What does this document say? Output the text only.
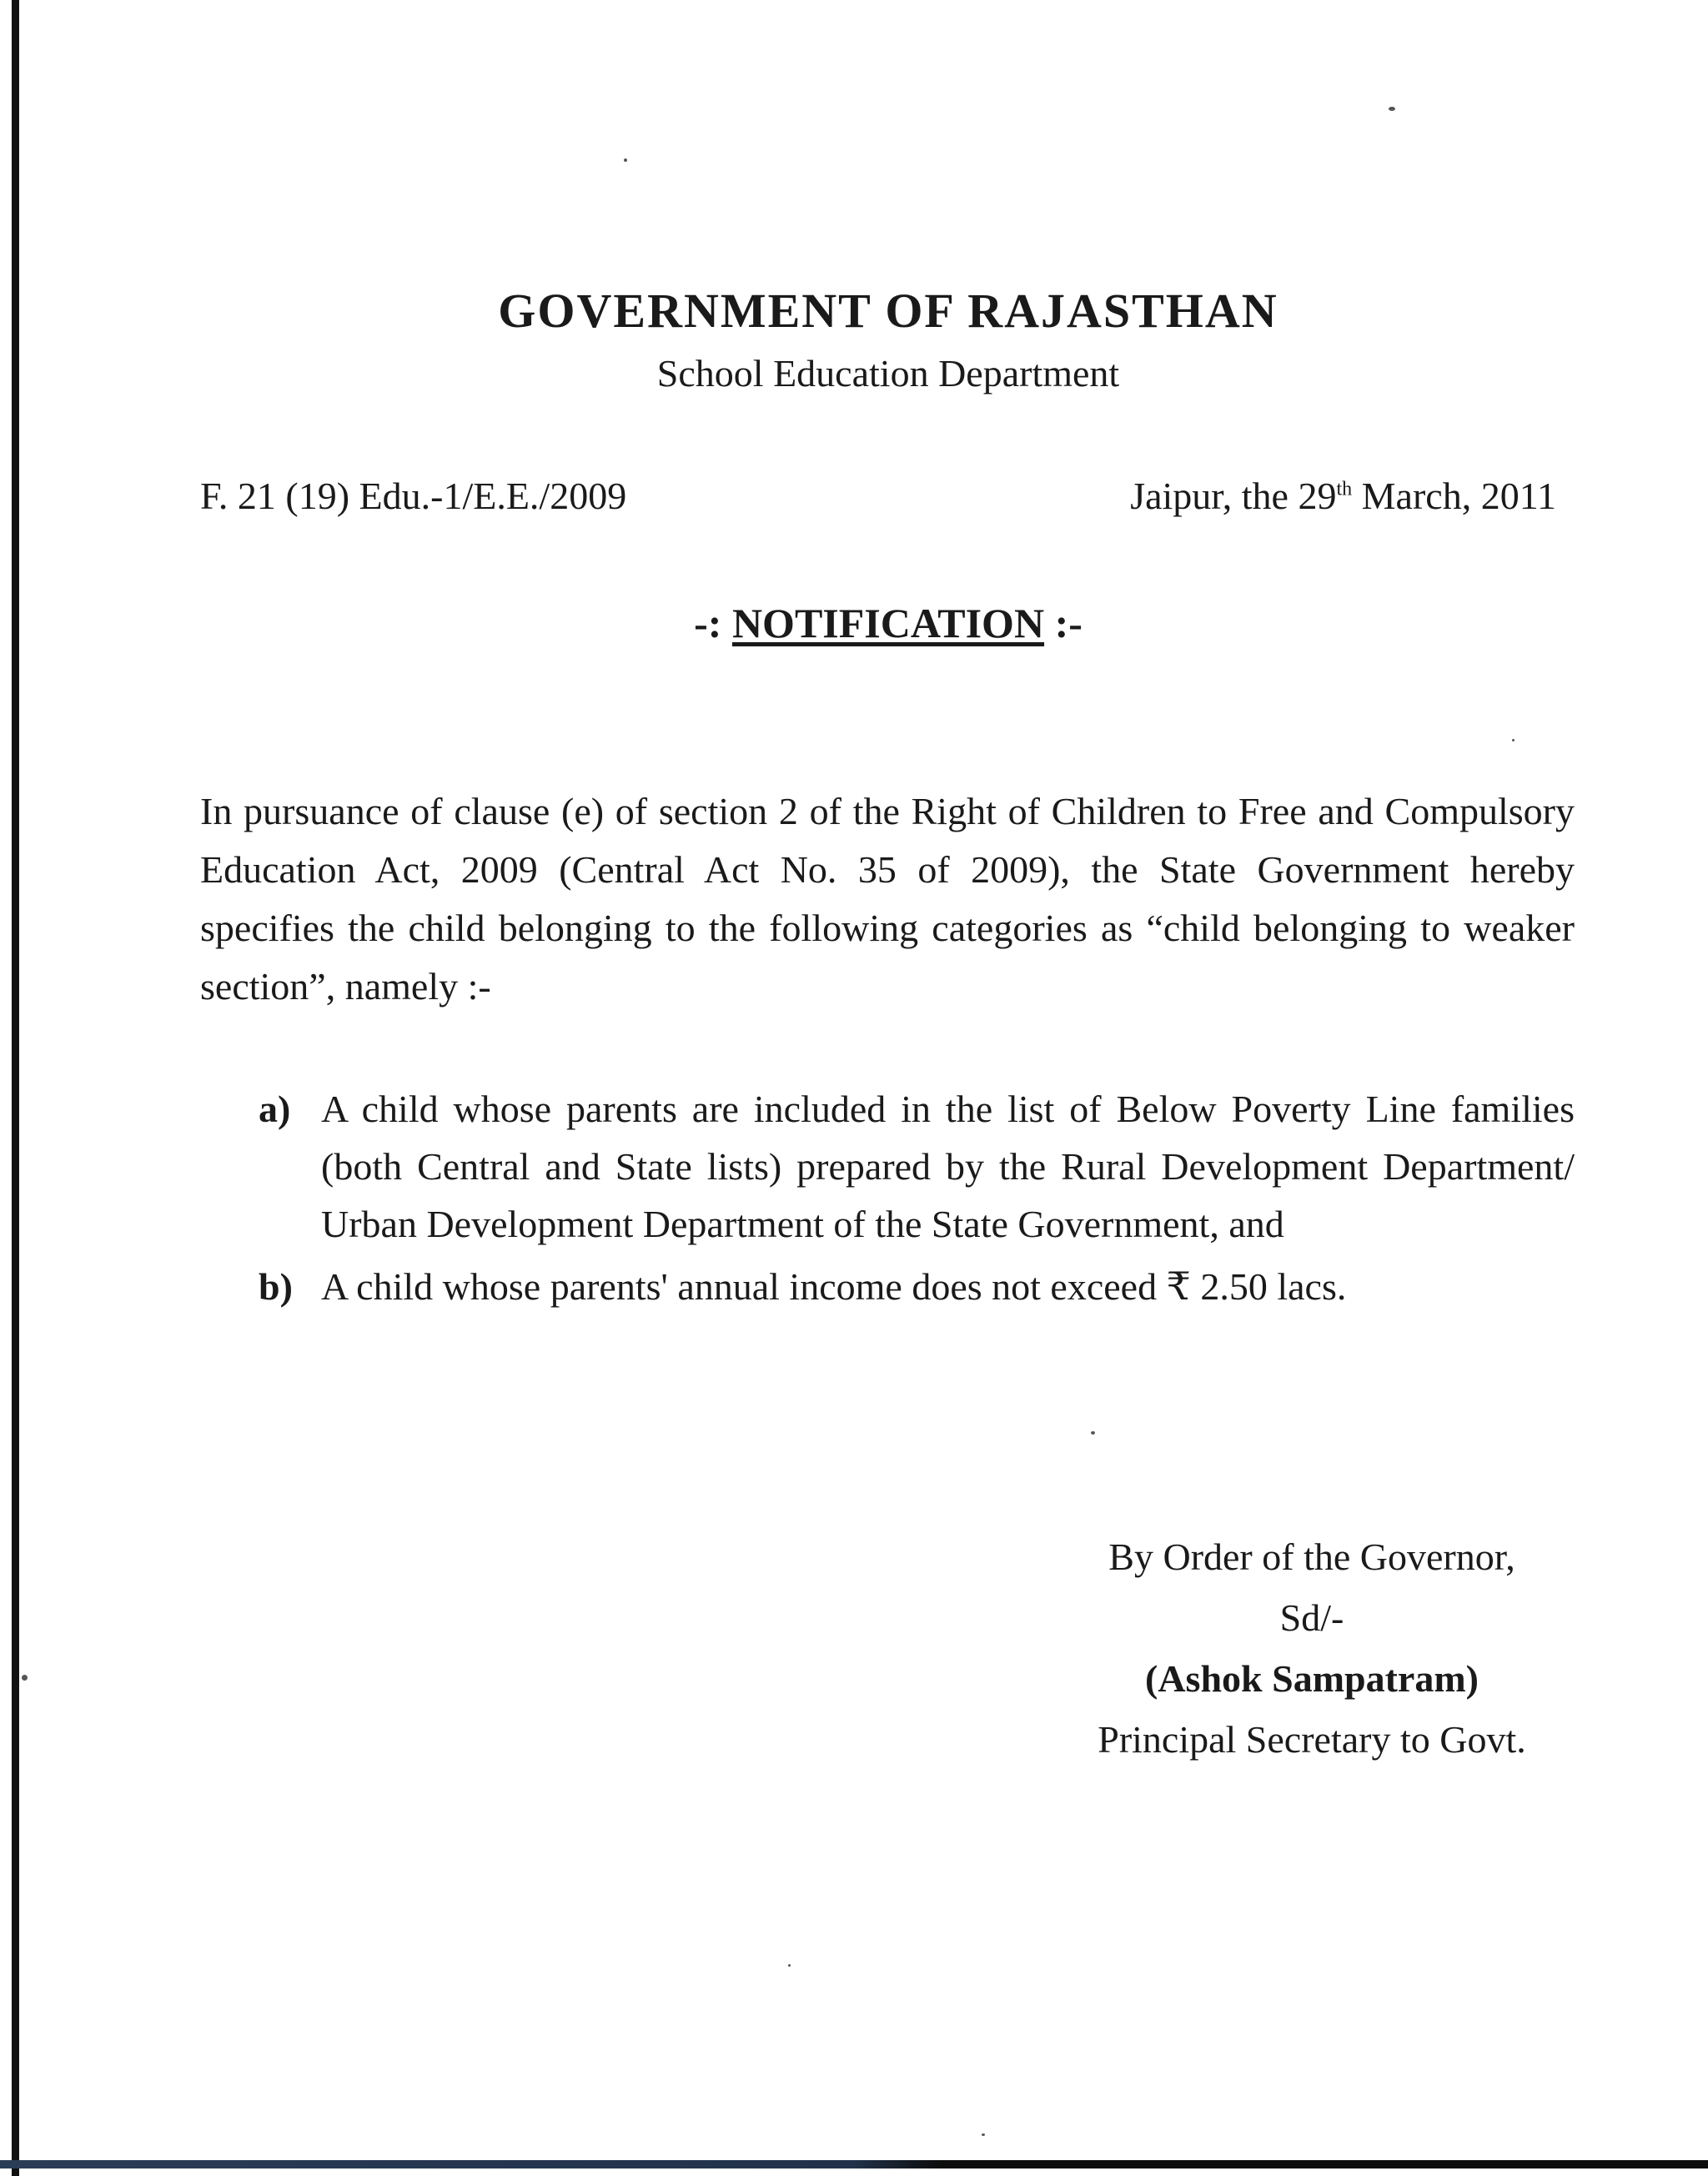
GOVERNMENT OF RAJASTHAN
School Education Department
F. 21 (19) Edu.-1/E.E./2009	Jaipur, the 29th March, 2011
-: NOTIFICATION :-
In pursuance of clause (e) of section 2 of the Right of Children to Free and Compulsory Education Act, 2009 (Central Act No. 35 of 2009), the State Government hereby specifies the child belonging to the following categories as “child belonging to weaker section”, namely :-
a) A child whose parents are included in the list of Below Poverty Line families (both Central and State lists) prepared by the Rural Development Department/ Urban Development Department of the State Government, and
b) A child whose parents' annual income does not exceed ₹ 2.50 lacs.
By Order of the Governor,
Sd/-
(Ashok Sampatram)
Principal Secretary to Govt.
